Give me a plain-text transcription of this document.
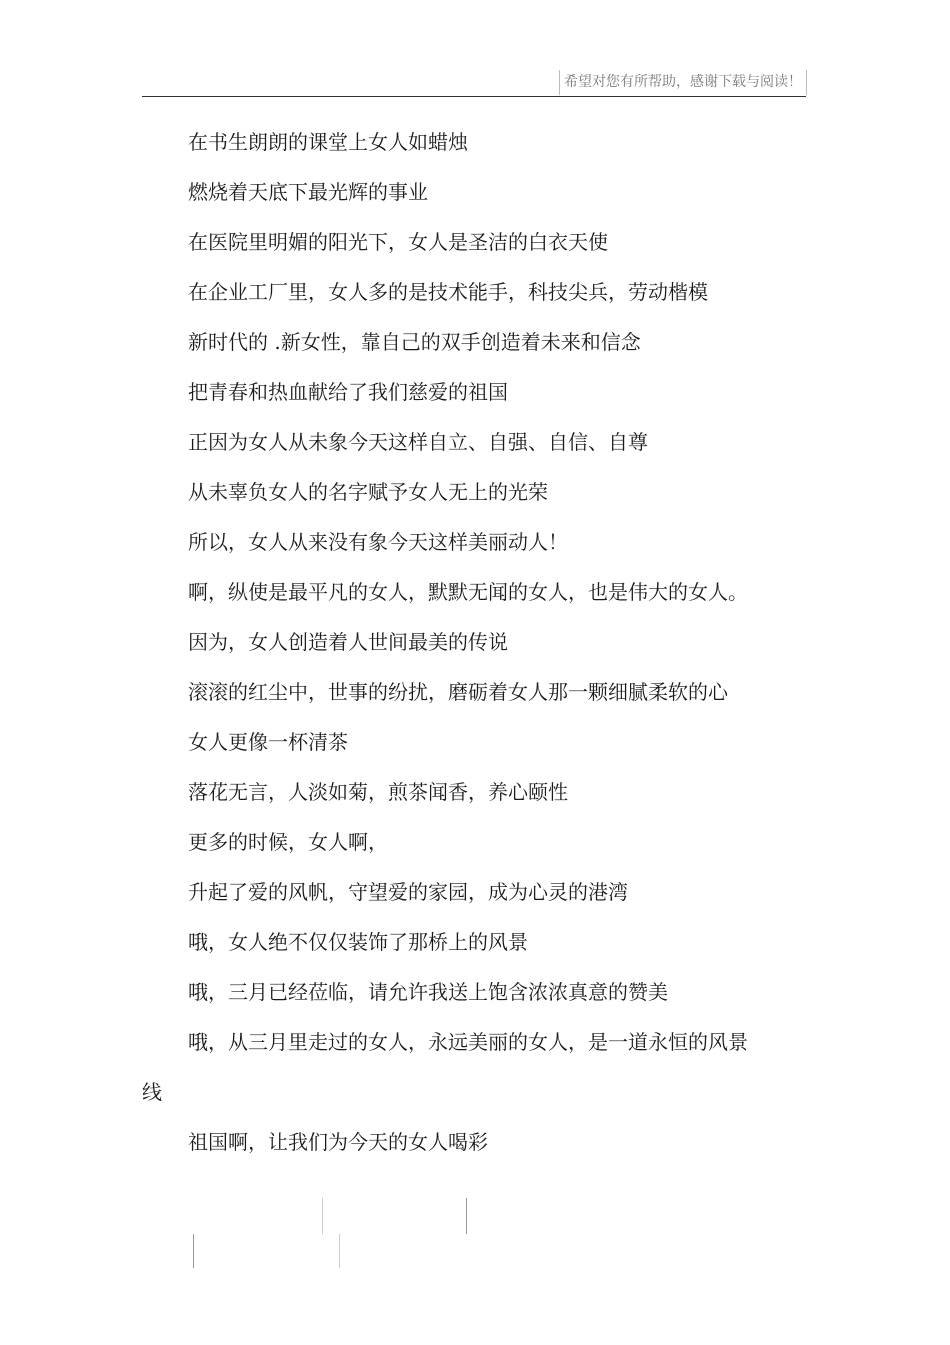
希望对您有所帮助，感谢下载与阅读！
在书生朗朗的课堂上女人如蜡烛
燃烧着天底下最光辉的事业
在医院里明媚的阳光下，女人是圣洁的白衣天使
在企业工厂里，女人多的是技术能手，科技尖兵，劳动楷模
新时代的 .新女性，靠自己的双手创造着未来和信念
把青春和热血献给了我们慈爱的祖国
正因为女人从未象今天这样自立、自强、自信、自尊
从未辜负女人的名字赋予女人无上的光荣
所以，女人从来没有象今天这样美丽动人！
啊，纵使是最平凡的女人，默默无闻的女人，也是伟大的女人。
因为，女人创造着人世间最美的传说
滚滚的红尘中，世事的纷扰，磨砺着女人那一颗细腻柔软的心
女人更像一杯清茶
落花无言，人淡如菊，煎茶闻香，养心颐性
更多的时候，女人啊，
升起了爱的风帆，守望爱的家园，成为心灵的港湾
哦，女人绝不仅仅装饰了那桥上的风景
哦，三月已经莅临，请允许我送上饱含浓浓真意的赞美
哦，从三月里走过的女人，永远美丽的女人，是一道永恒的风景
线
祖国啊，让我们为今天的女人喝彩
